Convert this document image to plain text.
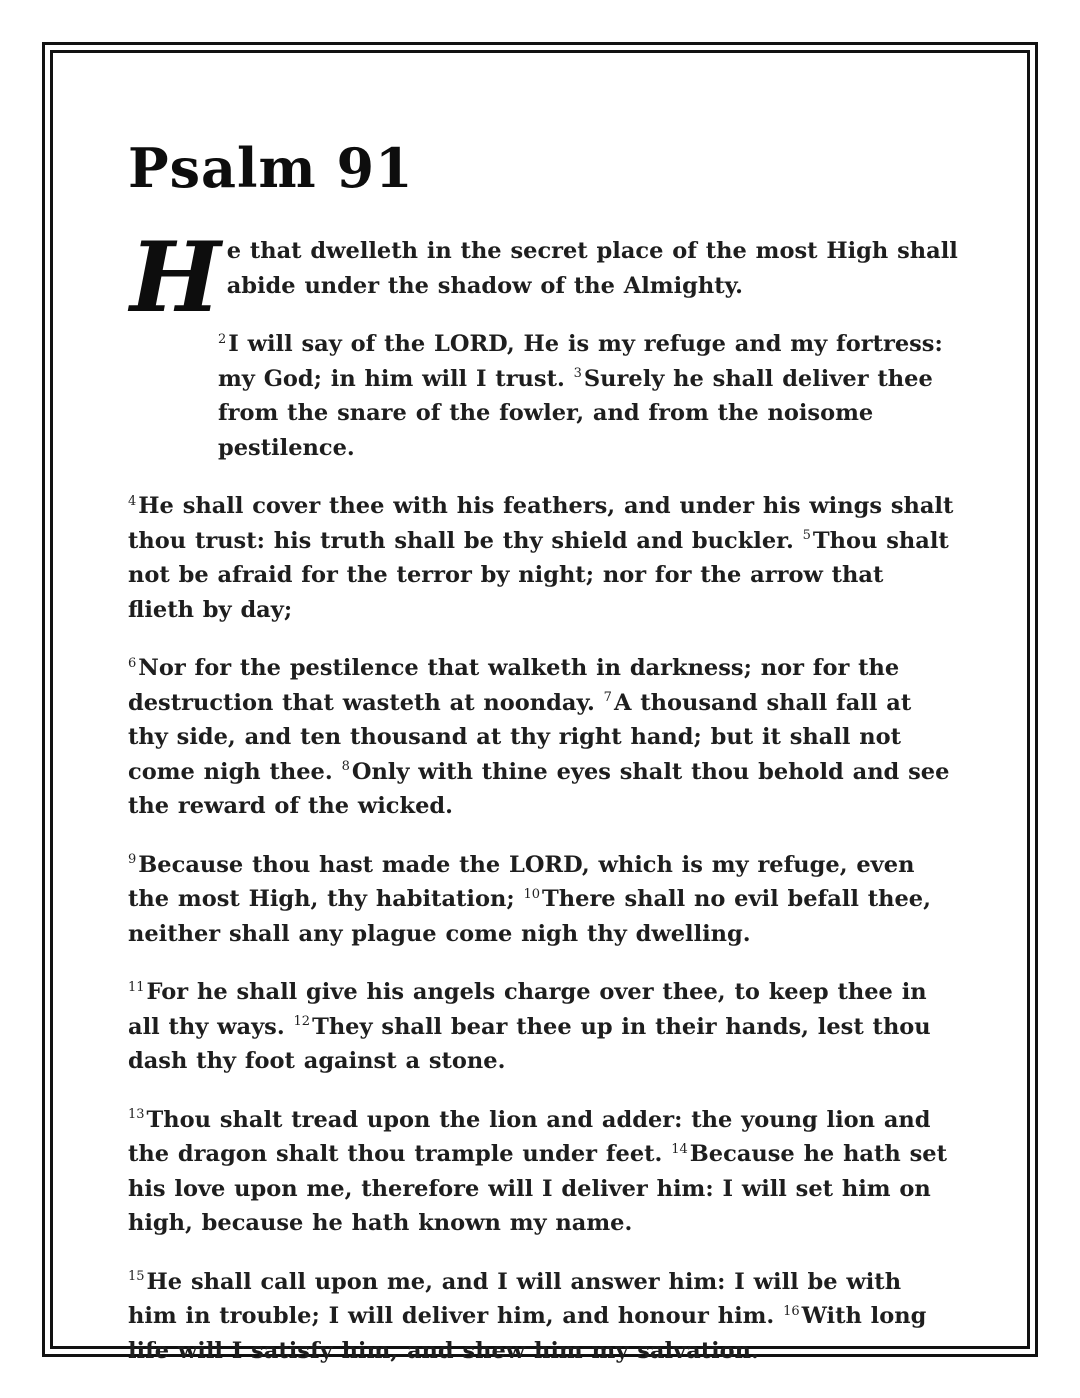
Psalm 91

He that dwelleth in the secret place of the most High shall abide under the shadow of the Almighty.

$^2$I will say of the LORD, He is my refuge and my fortress: my God; in him will I trust. $^3$Surely he shall deliver thee from the snare of the fowler, and from the noisome pestilence.

$^4$He shall cover thee with his feathers, and under his wings shalt thou trust: his truth shall be thy shield and buckler. $^5$Thou shalt not be afraid for the terror by night; nor for the arrow that flieth by day;

$^6$Nor for the pestilence that walketh in darkness; nor for the destruction that wasteth at noonday. $^7$A thousand shall fall at thy side, and ten thousand at thy right hand; but it shall not come nigh thee. $^8$Only with thine eyes shalt thou behold and see the reward of the wicked.

$^9$Because thou hast made the LORD, which is my refuge, even the most High, thy habitation; $^{10}$There shall no evil befall thee, neither shall any plague come nigh thy dwelling.

$^{11}$For he shall give his angels charge over thee, to keep thee in all thy ways. $^{12}$They shall bear thee up in their hands, lest thou dash thy foot against a stone.

$^{13}$Thou shalt tread upon the lion and adder: the young lion and the dragon shalt thou trample under feet. $^{14}$Because he hath set his love upon me, therefore will I deliver him: I will set him on high, because he hath known my name.

$^{15}$He shall call upon me, and I will answer him: I will be with him in trouble; I will deliver him, and honour him. $^{16}$With long life will I satisfy him, and shew him my salvation.
